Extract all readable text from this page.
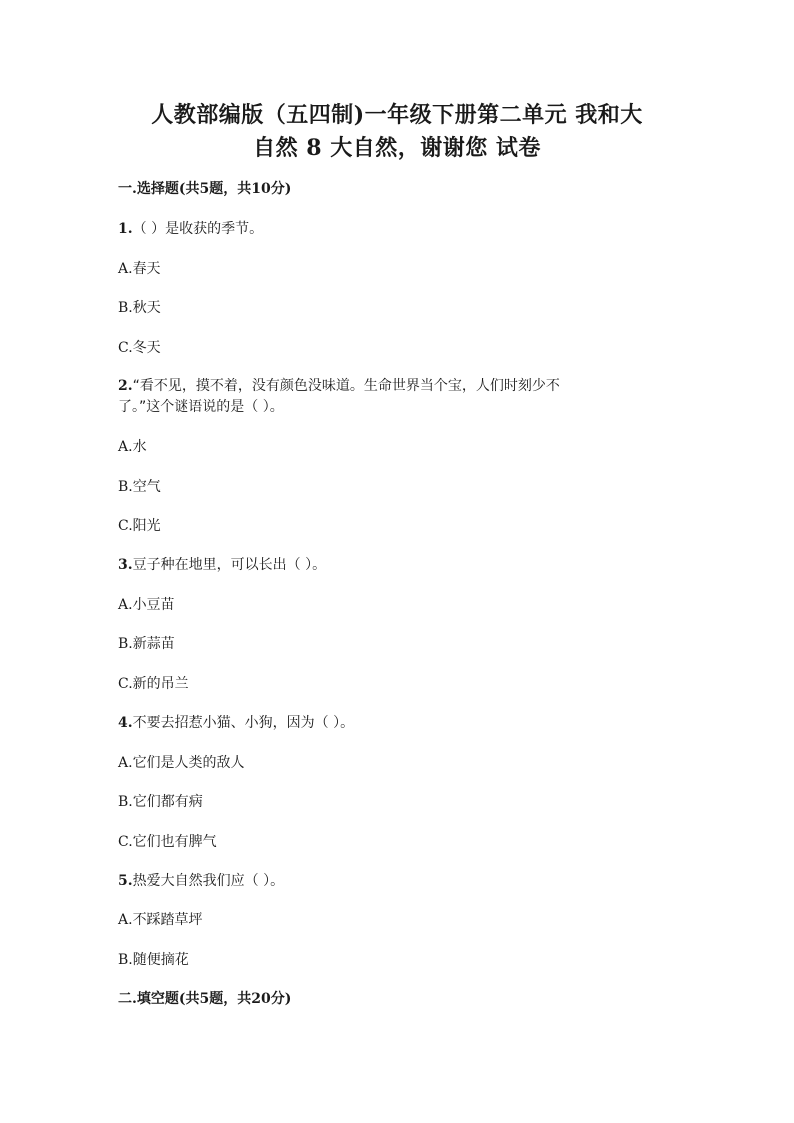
人教部编版（五四制)一年级下册第二单元 我和大
自然 8 大自然，谢谢您 试卷
一.选择题(共5题，共10分)
1.（ ）是收获的季节。
A.春天
B.秋天
C.冬天
2.“看不见，摸不着，没有颜色没味道。生命世界当个宝，人们时刻少不
了。”这个谜语说的是（ ）。
A.水
B.空气
C.阳光
3.豆子种在地里，可以长出（ ）。
A.小豆苗
B.新蒜苗
C.新的吊兰
4.不要去招惹小猫、小狗，因为（ ）。
A.它们是人类的敌人
B.它们都有病
C.它们也有脾气
5.热爱大自然我们应（ ）。
A.不踩踏草坪
B.随便摘花
二.填空题(共5题，共20分)
